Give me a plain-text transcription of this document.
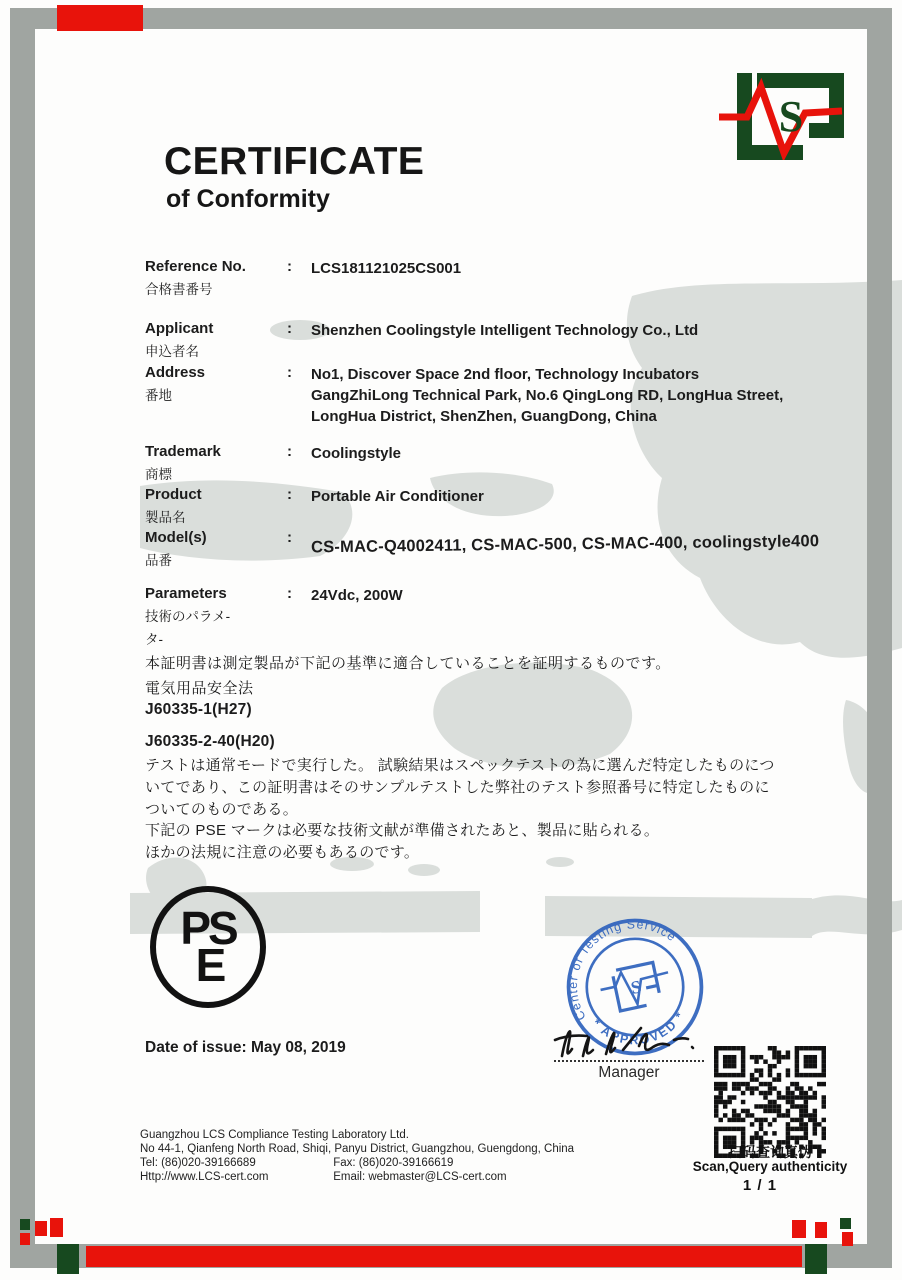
S
CERTIFICATE
of Conformity
Reference No.
合格書番号
:	LCS181121025CS001
Applicant
申込者名
:	Shenzhen Coolingstyle Intelligent Technology Co., Ltd
Address
番地
:	No1, Discover Space 2nd floor, Technology Incubators
GangZhiLong Technical Park, No.6 QingLong RD, LongHua Street,
LongHua District, ShenZhen, GuangDong, China
Trademark
商標
:	Coolingstyle
Product
製品名
:	Portable Air Conditioner
Model(s)
品番
:	CS-MAC-Q4002411, CS-MAC-500, CS-MAC-400, coolingstyle400
Parameters
技術のパラメ-
タ-
:	24Vdc, 200W
本証明書は測定製品が下記の基準に適合していることを証明するものです。
電気用品安全法
J60335-1(H27)
J60335-2-40(H20)
テストは通常モードで実行した。 試験結果はスペックテストの為に選んだ特定したものにつ
いてであり、この証明書はそのサンプルテストした弊社のテスト参照番号に特定したものに
ついてのものである。
下記の PSE マークは必要な技術文献が準備されたあと、製品に貼られる。
ほかの法規に注意の必要もあるのです。
PS
E
Date of issue: May 08, 2019
Center of Testing Service
* APPROVED *
S
Manager
扫码查询真伪
Scan,Query authenticity
1 / 1
Guangzhou LCS Compliance Testing Laboratory Ltd.
No 44-1, Qianfeng North Road, Shiqi, Panyu District, Guangzhou, Guengdong, China
Tel: (86)020-39166689	Fax: (86)020-39166619
Http://www.LCS-cert.com	Email: webmaster@LCS-cert.com
